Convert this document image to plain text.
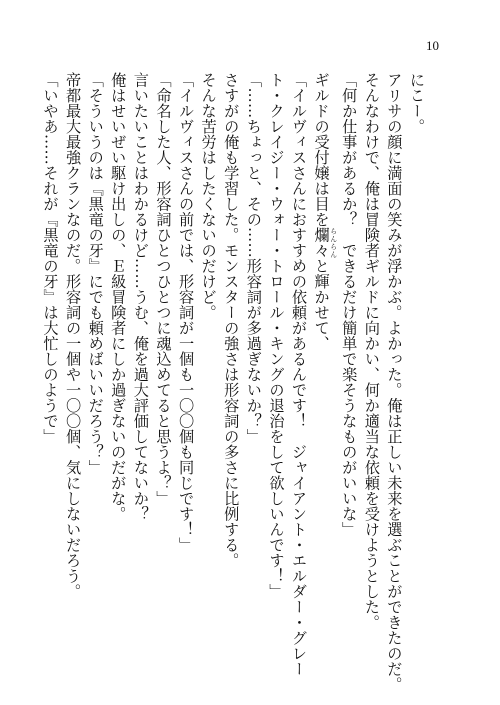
10

にこー。

アリサの顔に満面の笑みが浮かぶ。よかった。俺は正しい未来を選ぶことができたのだ。

そんなわけで、俺は冒険者ギルドに向かい、何か適当な依頼を受けようとした。

「何か仕事があるか？　できるだけ簡単で楽そうなものがいいな」

ギルドの受付嬢は目を爛々 らんらんと輝かせて、

「イルヴィスさんにおすすめの依頼があるんです！　ジャイアント・エルダー・グレー

ト・クレイジー・ウォー・トロール・キングの退治をして欲しいんです！」

「……ちょっと、その……形容詞が多過ぎないか？」

さすがの俺も学習した。モンスターの強さは形容詞の多さに比例する。

そんな苦労はしたくないのだけど。

「イルヴィスさんの前では、形容詞が一個も一〇〇個も同じです！」

「命名した人、形容詞ひとつひとつに魂込めてると思うよ？」

言いたいことはわかるけど……うむ、俺を過大評価してないか？

俺はせいぜい駆け出しの、Ｅ級冒険者にしか過ぎないのだがな。

「そういうのは『黒竜の牙』にでも頼めばいいだろう？」

帝都最大最強クランなのだ。形容詞の一個や一〇〇個、気にしないだろう。

「いやあ……それが『黒竜の牙』は大忙しのようで」
